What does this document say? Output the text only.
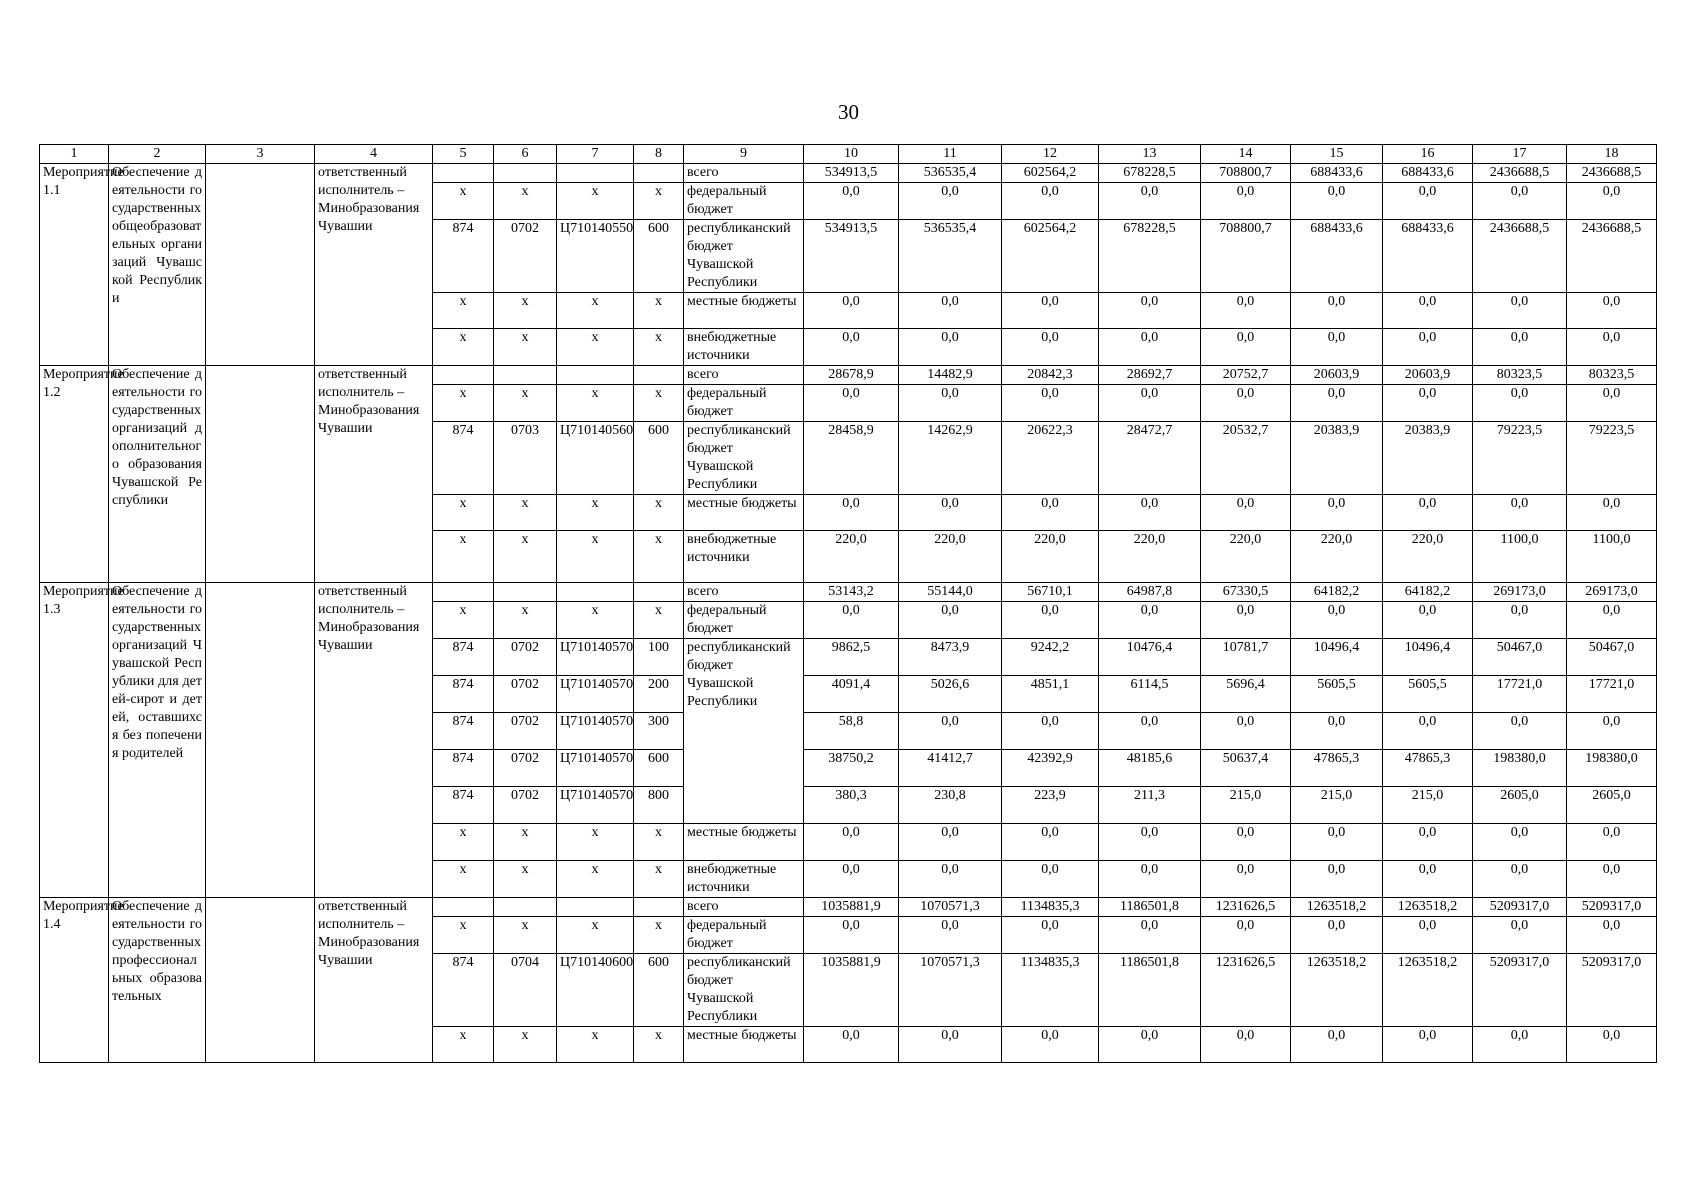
30
1	2	3	4	5	6	7	8	9	10	11	12	13	14	15	16	17	18
Мероприятие 1.1	Обеспечение деятельности государственных общеобразовательных организаций Чувашской Республики		ответственный исполнитель – Минобразования Чувашии					всего	534913,5	536535,4	602564,2	678228,5	708800,7	688433,6	688433,6	2436688,5	2436688,5
				х	х	х	х	федеральный бюджет	0,0	0,0	0,0	0,0	0,0	0,0	0,0	0,0	0,0
				874	0702	Ц710140550	600	республиканский бюджет Чувашской Республики	534913,5	536535,4	602564,2	678228,5	708800,7	688433,6	688433,6	2436688,5	2436688,5
				х	х	х	х	местные бюджеты	0,0	0,0	0,0	0,0	0,0	0,0	0,0	0,0	0,0
				х	х	х	х	внебюджетные источники	0,0	0,0	0,0	0,0	0,0	0,0	0,0	0,0	0,0
Мероприятие 1.2	Обеспечение деятельности государственных организаций дополнительного образования Чувашской Республики		ответственный исполнитель – Минобразования Чувашии					всего	28678,9	14482,9	20842,3	28692,7	20752,7	20603,9	20603,9	80323,5	80323,5
				х	х	х	х	федеральный бюджет	0,0	0,0	0,0	0,0	0,0	0,0	0,0	0,0	0,0
				874	0703	Ц710140560	600	республиканский бюджет Чувашской Республики	28458,9	14262,9	20622,3	28472,7	20532,7	20383,9	20383,9	79223,5	79223,5
				х	х	х	х	местные бюджеты	0,0	0,0	0,0	0,0	0,0	0,0	0,0	0,0	0,0
				х	х	х	х	внебюджетные источники	220,0	220,0	220,0	220,0	220,0	220,0	220,0	1100,0	1100,0
Мероприятие 1.3	Обеспечение деятельности государственных организаций Чувашской Республики для детей-сирот и детей, оставшихся без попечения родителей		ответственный исполнитель – Минобразования Чувашии					всего	53143,2	55144,0	56710,1	64987,8	67330,5	64182,2	64182,2	269173,0	269173,0
				х	х	х	х	федеральный бюджет	0,0	0,0	0,0	0,0	0,0	0,0	0,0	0,0	0,0
				874	0702	Ц710140570	100	республиканский бюджет Чувашской Республики	9862,5	8473,9	9242,2	10476,4	10781,7	10496,4	10496,4	50467,0	50467,0
				874	0702	Ц710140570	200		4091,4	5026,6	4851,1	6114,5	5696,4	5605,5	5605,5	17721,0	17721,0
				874	0702	Ц710140570	300		58,8	0,0	0,0	0,0	0,0	0,0	0,0	0,0	0,0
				874	0702	Ц710140570	600		38750,2	41412,7	42392,9	48185,6	50637,4	47865,3	47865,3	198380,0	198380,0
				874	0702	Ц710140570	800		380,3	230,8	223,9	211,3	215,0	215,0	215,0	2605,0	2605,0
				х	х	х	х	местные бюджеты	0,0	0,0	0,0	0,0	0,0	0,0	0,0	0,0	0,0
				х	х	х	х	внебюджетные источники	0,0	0,0	0,0	0,0	0,0	0,0	0,0	0,0	0,0
Мероприятие 1.4	Обеспечение деятельности государственных профессиональных образовательных		ответственный исполнитель – Минобразования Чувашии					всего	1035881,9	1070571,3	1134835,3	1186501,8	1231626,5	1263518,2	1263518,2	5209317,0	5209317,0
				х	х	х	х	федеральный бюджет	0,0	0,0	0,0	0,0	0,0	0,0	0,0	0,0	0,0
				874	0704	Ц710140600	600	республиканский бюджет Чувашской Республики	1035881,9	1070571,3	1134835,3	1186501,8	1231626,5	1263518,2	1263518,2	5209317,0	5209317,0
				х	х	х	х	местные бюджеты	0,0	0,0	0,0	0,0	0,0	0,0	0,0	0,0	0,0
